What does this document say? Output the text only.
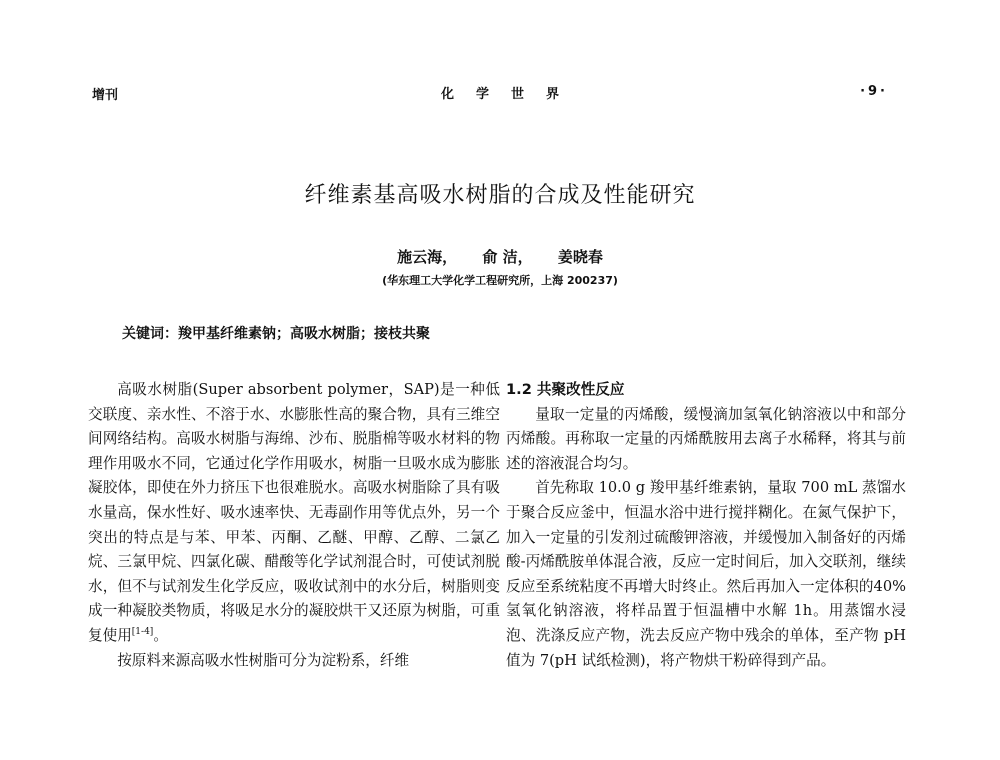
增刊	化学世界	·9·
纤维素基高吸水树脂的合成及性能研究
施云海， 俞 洁， 姜晓春
(华东理工大学化学工程研究所，上海 200237)
关键词：羧甲基纤维素钠；高吸水树脂；接枝共聚

高吸水树脂(Super absorbent polymer，SAP)是一种低交联度、亲水性、不溶于水、水膨胀性高的聚合物，具有三维空间网络结构。高吸水树脂与海绵、沙布、脱脂棉等吸水材料的物理作用吸水不同，它通过化学作用吸水，树脂一旦吸水成为膨胀凝胶体，即使在外力挤压下也很难脱水。高吸水树脂除了具有吸水量高，保水性好、吸水速率快、无毒副作用等优点外，另一个突出的特点是与苯、甲苯、丙酮、乙醚、甲醇、乙醇、二氯乙烷、三氯甲烷、四氯化碳、醋酸等化学试剂混合时，可使试剂脱水，但不与试剂发生化学反应，吸收试剂中的水分后，树脂则变成一种凝胶类物质，将吸足水分的凝胶烘干又还原为树脂，可重复使用[1-4]。

按原料来源高吸水性树脂可分为淀粉系，纤维

1.2 共聚改性反应

量取一定量的丙烯酸，缓慢滴加氢氧化钠溶液以中和部分丙烯酸。再称取一定量的丙烯酰胺用去离子水稀释，将其与前述的溶液混合均匀。

首先称取 10.0 g 羧甲基纤维素钠，量取 700 mL 蒸馏水于聚合反应釜中，恒温水浴中进行搅拌糊化。在氮气保护下，加入一定量的引发剂过硫酸钾溶液，并缓慢加入制备好的丙烯酸-丙烯酰胺单体混合液，反应一定时间后，加入交联剂，继续反应至系统粘度不再增大时终止。然后再加入一定体积的40%氢氧化钠溶液，将样品置于恒温槽中水解 1h。用蒸馏水浸泡、洗涤反应产物，洗去反应产物中残余的单体，至产物 pH 值为 7(pH 试纸检测)，将产物烘干粉碎得到产品。
